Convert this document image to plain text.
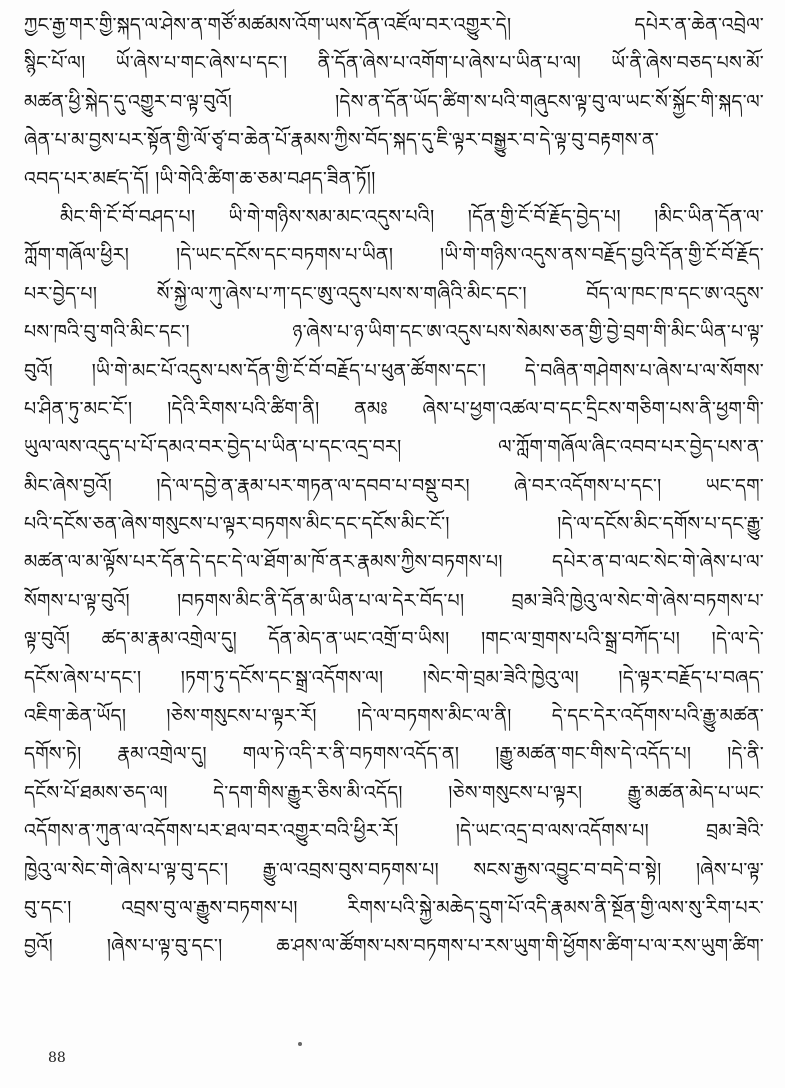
ཀྱང་རྒྱ་གར་གྱི་སྐད་ལ་ཤེས་ན་གཙོ་མཚམས་འོག་ཡས་དོན་འཛོལ་བར་འགྱུར་དེ། དཔེར་ན་ཆེན་འབྲེལ་
སྙིང་པོ་ལ། ཡོ་ཞེས་པ་གང་ཞེས་པ་དང་། ནི་དོན་ཞེས་པ་འགོག་པ་ཞེས་པ་ཡིན་པ་ལ། ཡོ་ནི་ཞེས་བཅད་པས་མོ་
མཚན་ཕྱི་སྐེད་དུ་འགྱུར་བ་ལྟ་བུའོ། །དེས་ན་དོན་ཡོད་ཚིག་ས་པའི་གཞུངས་ལྟ་བུ་ལ་ཡང་སོ་སྐྱོང་གི་སྐད་ལ་
ཞེན་པ་མ་བྱས་པར་སྟོན་གྱི་ལོ་ཙྭ་བ་ཆེན་པོ་རྣམས་ཀྱིས་བོད་སྐད་དུ་ཇི་ལྟར་བསྒྱུར་བ་དེ་ལྟ་བུ་བརྟགས་ན་
འབད་པར་མཛད་དོ། །ཡི་གེའི་ཚིག་ཆ་ཅམ་བཤད་ཟིན་ཏོ།།
མིང་གི་ངོ་བོ་བཤད་པ། ཡི་གེ་གཉིས་སམ་མང་འདུས་པའི། །དོན་གྱི་ངོ་བོ་རྗོད་བྱེད་པ། །མིང་ཡིན་དོན་ལ་
ཀློག་གཞོལ་ཕྱིར། །དེ་ཡང་དངོས་དང་བཏགས་པ་ཡིན། །ཡི་གེ་གཉིས་འདུས་ནས་བརྗོད་བྱའི་དོན་གྱི་ངོ་བོ་རྗོད་
པར་བྱེད་པ། སོ་སྐྱེ་ལ་ཀུ་ཞེས་པ་ཀ་དང་ཨུ་འདུས་པས་ས་གཞིའི་མིང་དང་། བོད་ལ་ཁང་ཁ་དང་ཨ་འདུས་
པས་ཁའི་བུ་གའི་མིང་དང་། ཉ་ཞེས་པ་ཉ་ཡིག་དང་ཨ་འདུས་པས་སེམས་ཅན་གྱི་བྱེ་བྲག་གི་མིང་ཡིན་པ་ལྟ་
བུའོ། །ཡི་གེ་མང་པོ་འདུས་པས་དོན་གྱི་ངོ་བོ་བརྗོད་པ་ཕུན་ཚོགས་དང་། དེ་བཞིན་གཤེགས་པ་ཞེས་པ་ལ་སོགས་
པ་ཤིན་ཏུ་མང་ངོ་། །དེའི་རིགས་པའི་ཚིག་ནི། ནམཿ ཞེས་པ་ཕྱག་འཚལ་བ་དང་དྲིངས་གཅིག་པས་ནི་ཕྱག་གི་
ཡུལ་ལས་འདུད་པ་པོ་དམའ་བར་བྱེད་པ་ཡིན་པ་དང་འདྲ་བར། ལ་ཀློག་གཞོལ་ཞིང་འབབ་པར་བྱེད་པས་ན་
མིང་ཞེས་བྱའོ། །དེ་ལ་དབྱེ་ན་རྣམ་པར་གཏན་ལ་དབབ་པ་བསྡུ་བར། ཞེ་བར་འདོགས་པ་དང་། ཡང་དག་
པའི་དངོས་ཅན་ཞེས་གསུངས་པ་ལྟར་བཏགས་མིང་དང་དངོས་མིང་ངོ་། །དེ་ལ་དངོས་མིང་དགོས་པ་དང་རྒྱུ་
མཚན་ལ་མ་ལྟོས་པར་དོན་དེ་དང་དེ་ལ་ཐོག་མ་ཁོ་ནར་རྣམས་ཀྱིས་བཏགས་པ། དཔེར་ན་བ་ལང་སེང་གེ་ཞེས་པ་ལ་
སོགས་པ་ལྟ་བུའོ། །བཏགས་མིང་ནི་དོན་མ་ཡིན་པ་ལ་དེར་བོད་པ། བྲམ་ཟེའི་ཁྱེའུ་ལ་སེང་གེ་ཞེས་བཏགས་པ་
ལྟ་བུའོ། ཚད་མ་རྣམ་འགྲེལ་དུ། དོན་མེད་ན་ཡང་འགྲོ་བ་ཡིས། །གང་ལ་གྲགས་པའི་སྒྲ་བཀོད་པ། །དེ་ལ་དེ་
དངོས་ཞེས་པ་དང་། །ཏག་ཏུ་དངོས་དང་སྒྲ་འདོགས་ལ། །སེང་གེ་བྲམ་ཟེའི་ཁྱེའུ་ལ། །དེ་ལྟར་བརྗོད་པ་བཞད་
འཇིག་ཆེན་ཡོད། །ཅེས་གསུངས་པ་ལྟར་རོ། །དེ་ལ་བཏགས་མིང་ལ་ནི། དེ་དང་དེར་འདོགས་པའི་རྒྱུ་མཚན་
དགོས་ཏེ། རྣམ་འགྲེལ་དུ། གལ་ཏེ་འདི་ར་ནི་བཏགས་འདོད་ན། །རྒྱུ་མཚན་གང་གིས་དེ་འདོད་པ། །དེ་ནི་
དངོས་པོ་ཐམས་ཅད་ལ། དེ་དག་གིས་རྒྱུར་ཅིས་མི་འདོད། །ཅེས་གསུངས་པ་ལྟར། རྒྱུ་མཚན་མེད་པ་ཡང་
འདོགས་ན་ཀུན་ལ་འདོགས་པར་ཐལ་བར་འགྱུར་བའི་ཕྱིར་རོ། །དེ་ཡང་འདྲ་བ་ལས་འདོགས་པ། བྲམ་ཟེའི་
ཁྱེའུ་ལ་སེང་གེ་ཞེས་པ་ལྟ་བུ་དང་། རྒྱུ་ལ་འབྲས་བུས་བཏགས་པ། སངས་རྒྱས་འབྱུང་བ་བདེ་བ་སྟེ། །ཞེས་པ་ལྟ་
བུ་དང་། འབྲས་བུ་ལ་རྒྱུས་བཏགས་པ། རིགས་པའི་སྐྱེ་མཆེད་དྲུག་པོ་འདི་རྣམས་ནི་སྔོན་གྱི་ལས་སུ་རིག་པར་
བྱའོ། །ཞེས་པ་ལྟ་བུ་དང་། ཆ་ཤས་ལ་ཚོགས་པས་བཏགས་པ་རས་ཡུག་གི་ཕྱོགས་ཚིག་པ་ལ་རས་ཡུག་ཚིག་
88
